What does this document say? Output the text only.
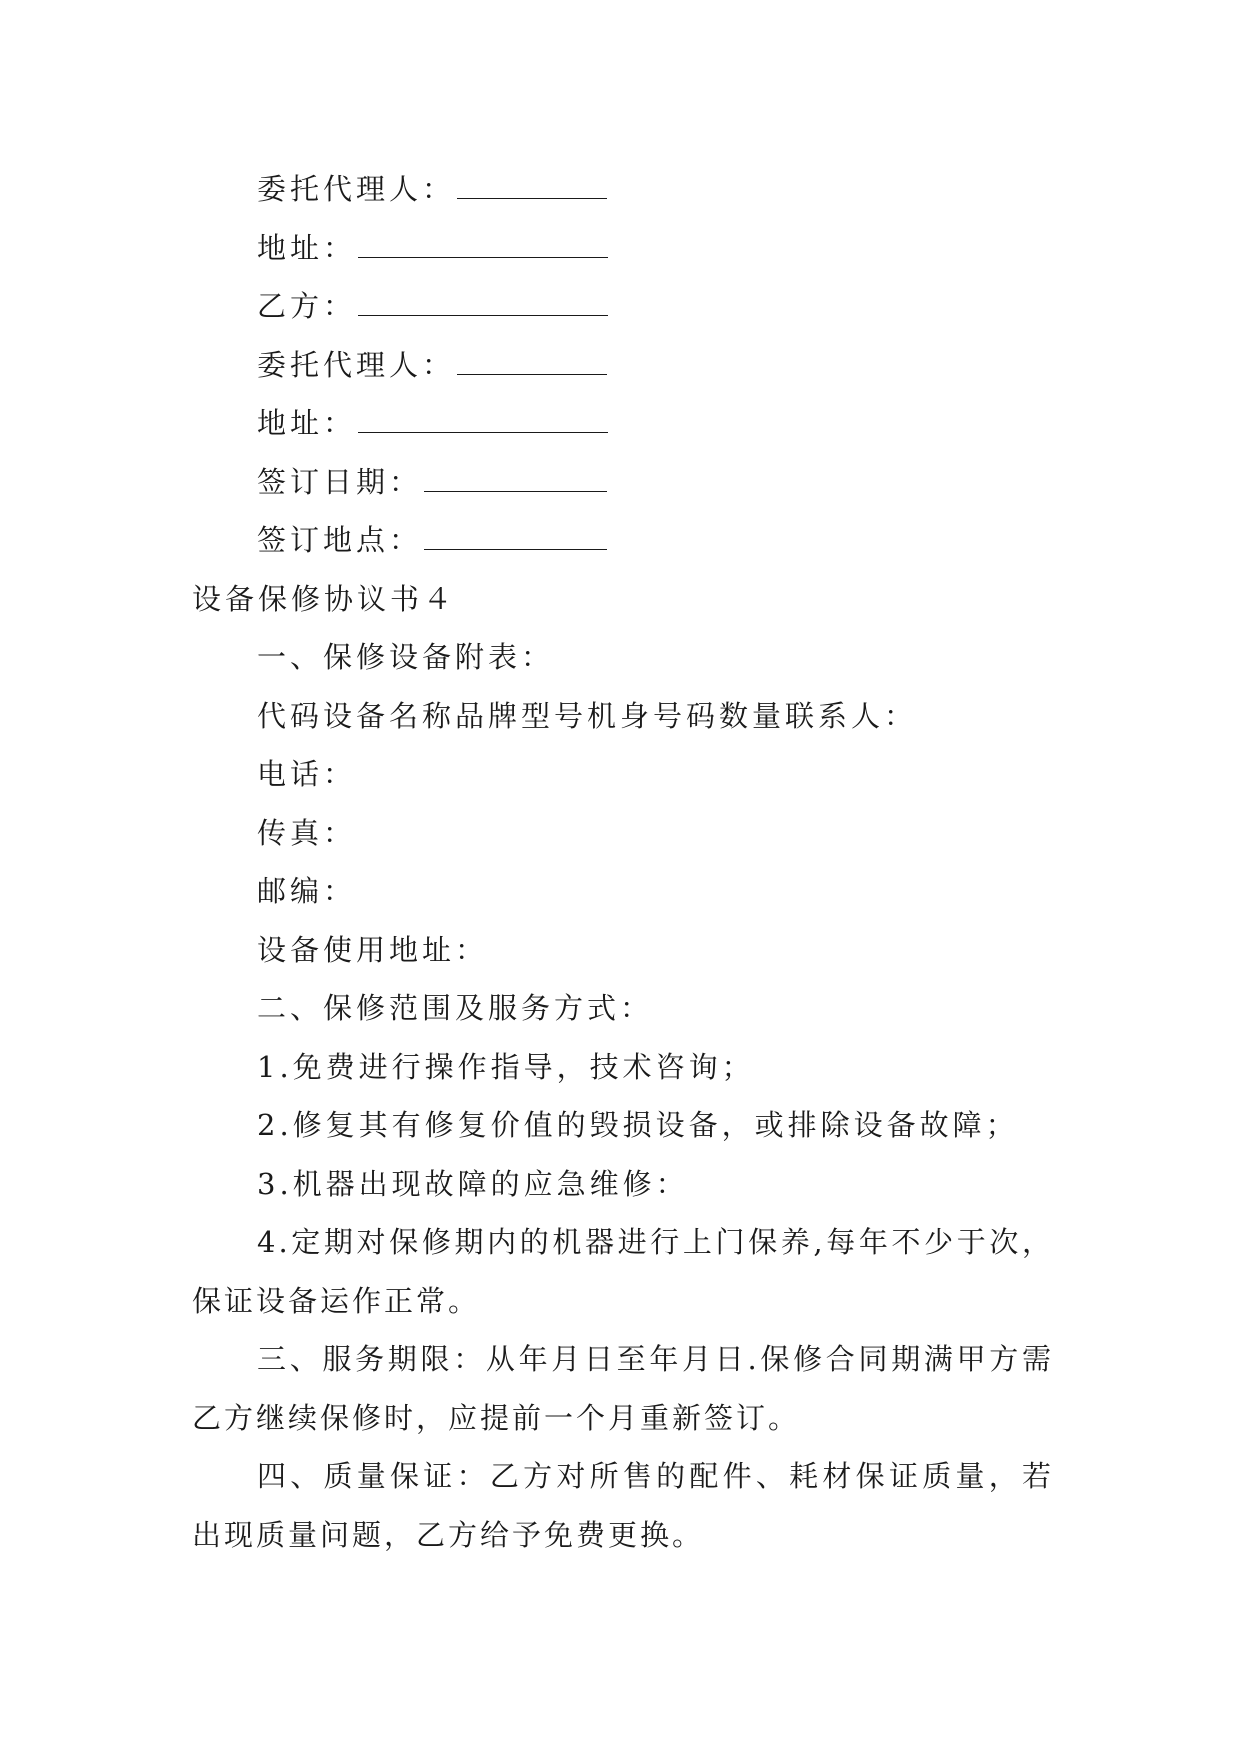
委托代理人：
地址：
乙方：
委托代理人：
地址：
签订日期：
签订地点：
设备保修协议书４
一、保修设备附表：
代码设备名称品牌型号机身号码数量联系人：
电话：
传真：
邮编：
设备使用地址：
二、保修范围及服务方式：
1.免费进行操作指导，技术咨询；
2.修复其有修复价值的毁损设备，或排除设备故障；
3.机器出现故障的应急维修：
4.定期对保修期内的机器进行上门保养,每年不少于次，保证设备运作正常。
三、服务期限：从年月日至年月日.保修合同期满甲方需乙方继续保修时，应提前一个月重新签订。
四、质量保证：乙方对所售的配件、耗材保证质量，若出现质量问题，乙方给予免费更换。
